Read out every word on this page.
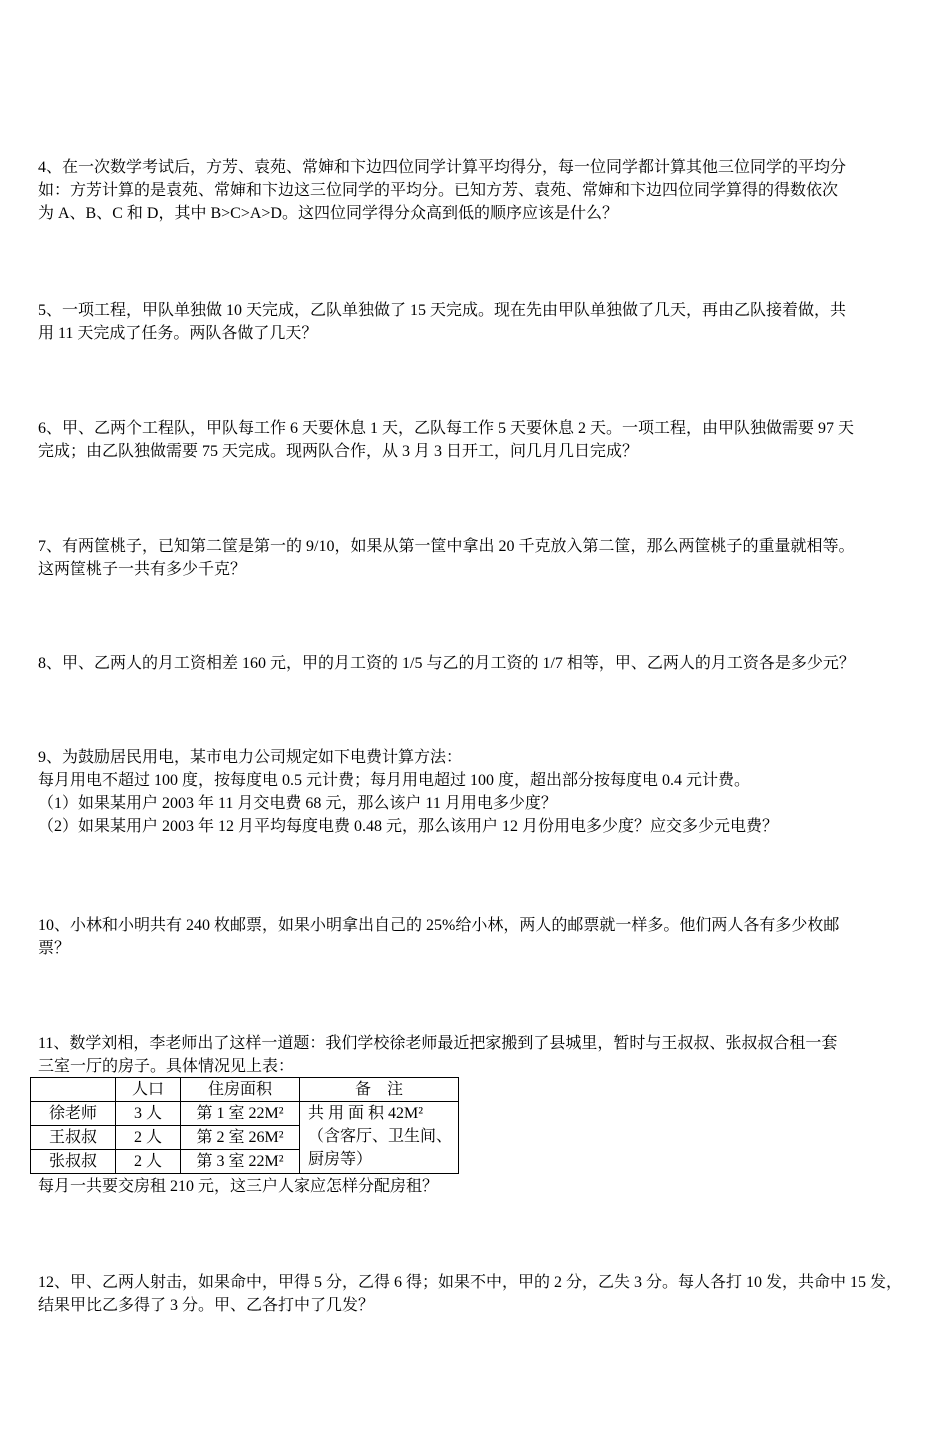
4、在一次数学考试后，方芳、袁苑、常婶和卞边四位同学计算平均得分，每一位同学都计算其他三位同学的平均分
如：方芳计算的是袁苑、常婶和卞边这三位同学的平均分。已知方芳、袁苑、常婶和卞边四位同学算得的得数依次
为 A、B、C 和 D，其中 B>C>A>D。这四位同学得分众高到低的顺序应该是什么？
5、一项工程，甲队单独做 10 天完成，乙队单独做了 15 天完成。现在先由甲队单独做了几天，再由乙队接着做，共
用 11 天完成了任务。两队各做了几天？
6、甲、乙两个工程队，甲队每工作 6 天要休息 1 天，乙队每工作 5 天要休息 2 天。一项工程，由甲队独做需要 97 天
完成；由乙队独做需要 75 天完成。现两队合作，从 3 月 3 日开工，问几月几日完成？
7、有两筐桃子，已知第二筐是第一的 9/10，如果从第一筐中拿出 20 千克放入第二筐，那么两筐桃子的重量就相等。
这两筐桃子一共有多少千克？
8、甲、乙两人的月工资相差 160 元，甲的月工资的 1/5 与乙的月工资的 1/7 相等，甲、乙两人的月工资各是多少元？
9、为鼓励居民用电，某市电力公司规定如下电费计算方法：
每月用电不超过 100 度，按每度电 0.5 元计费；每月用电超过 100 度，超出部分按每度电 0.4 元计费。
（1）如果某用户 2003 年 11 月交电费 68 元，那么该户 11 月用电多少度？
（2）如果某用户 2003 年 12 月平均每度电费 0.48 元，那么该用户 12 月份用电多少度？应交多少元电费？
10、小林和小明共有 240 枚邮票，如果小明拿出自己的 25%给小林，两人的邮票就一样多。他们两人各有多少枚邮
票？
11、数学刘相，李老师出了这样一道题：我们学校徐老师最近把家搬到了县城里，暂时与王叔叔、张叔叔合租一套
三室一厅的房子。具体情况见上表：
	人口	住房面积	备　注
徐老师	3 人	第 1 室 22M²	共 用 面 积 42M²
（含客厅、卫生间、
厨房等）

王叔叔	2 人	第 2 室 26M²	
张叔叔	2 人	第 3 室 22M²	
每月一共要交房租 210 元，这三户人家应怎样分配房租？
12、甲、乙两人射击，如果命中，甲得 5 分，乙得 6 得；如果不中，甲的 2 分，乙失 3 分。每人各打 10 发，共命中 15 发，
结果甲比乙多得了 3 分。甲、乙各打中了几发？
